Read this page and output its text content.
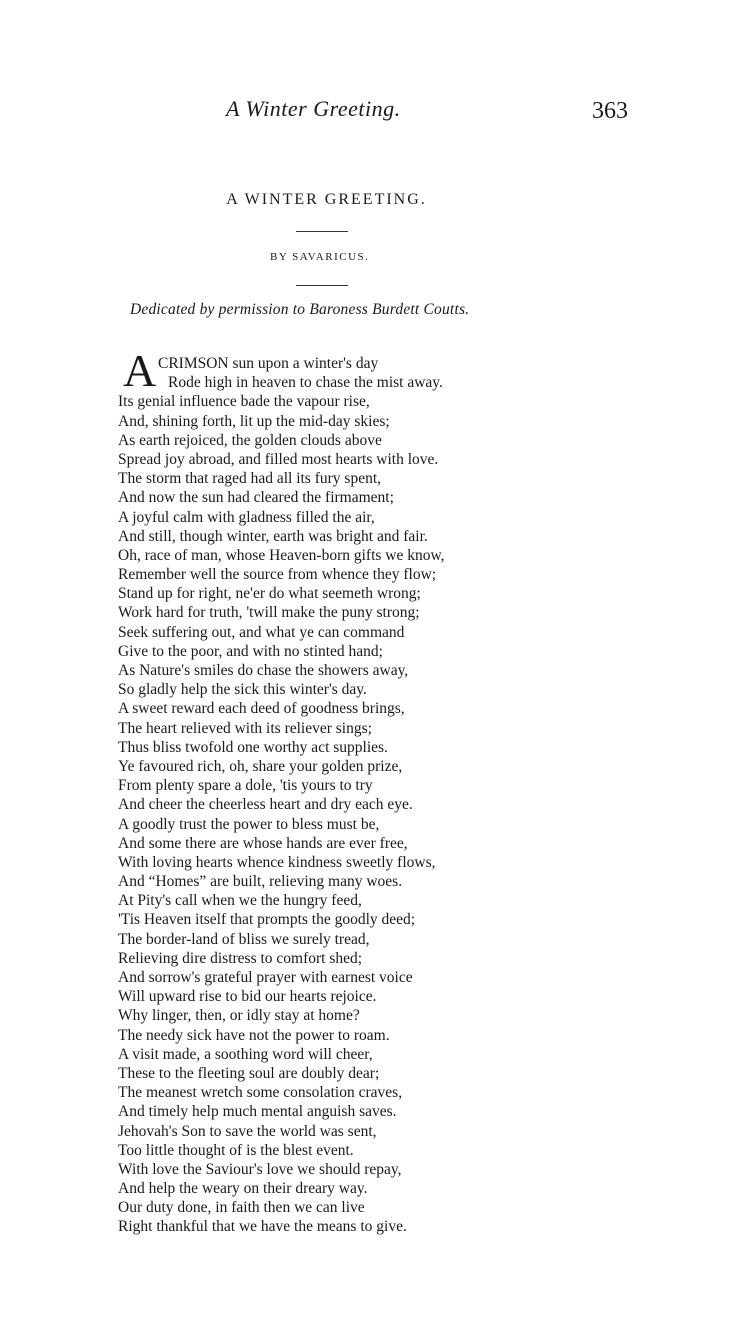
A Winter Greeting.	363
A WINTER GREETING.
BY SAVARICUS.
Dedicated by permission to Baroness Burdett Coutts.
A CRIMSON sun upon a winter's day
Rode high in heaven to chase the mist away.
Its genial influence bade the vapour rise,
And, shining forth, lit up the mid-day skies;
As earth rejoiced, the golden clouds above
Spread joy abroad, and filled most hearts with love.
The storm that raged had all its fury spent,
And now the sun had cleared the firmament;
A joyful calm with gladness filled the air,
And still, though winter, earth was bright and fair.
Oh, race of man, whose Heaven-born gifts we know,
Remember well the source from whence they flow;
Stand up for right, ne'er do what seemeth wrong;
Work hard for truth, 'twill make the puny strong;
Seek suffering out, and what ye can command
Give to the poor, and with no stinted hand;
As Nature's smiles do chase the showers away,
So gladly help the sick this winter's day.
A sweet reward each deed of goodness brings,
The heart relieved with its reliever sings;
Thus bliss twofold one worthy act supplies.
Ye favoured rich, oh, share your golden prize,
From plenty spare a dole, 'tis yours to try
And cheer the cheerless heart and dry each eye.
A goodly trust the power to bless must be,
And some there are whose hands are ever free,
With loving hearts whence kindness sweetly flows,
And “Homes” are built, relieving many woes.
At Pity's call when we the hungry feed,
'Tis Heaven itself that prompts the goodly deed;
The border-land of bliss we surely tread,
Relieving dire distress to comfort shed;
And sorrow's grateful prayer with earnest voice
Will upward rise to bid our hearts rejoice.
Why linger, then, or idly stay at home?
The needy sick have not the power to roam.
A visit made, a soothing word will cheer,
These to the fleeting soul are doubly dear;
The meanest wretch some consolation craves,
And timely help much mental anguish saves.
Jehovah's Son to save the world was sent,
Too little thought of is the blest event.
With love the Saviour's love we should repay,
And help the weary on their dreary way.
Our duty done, in faith then we can live
Right thankful that we have the means to give.
